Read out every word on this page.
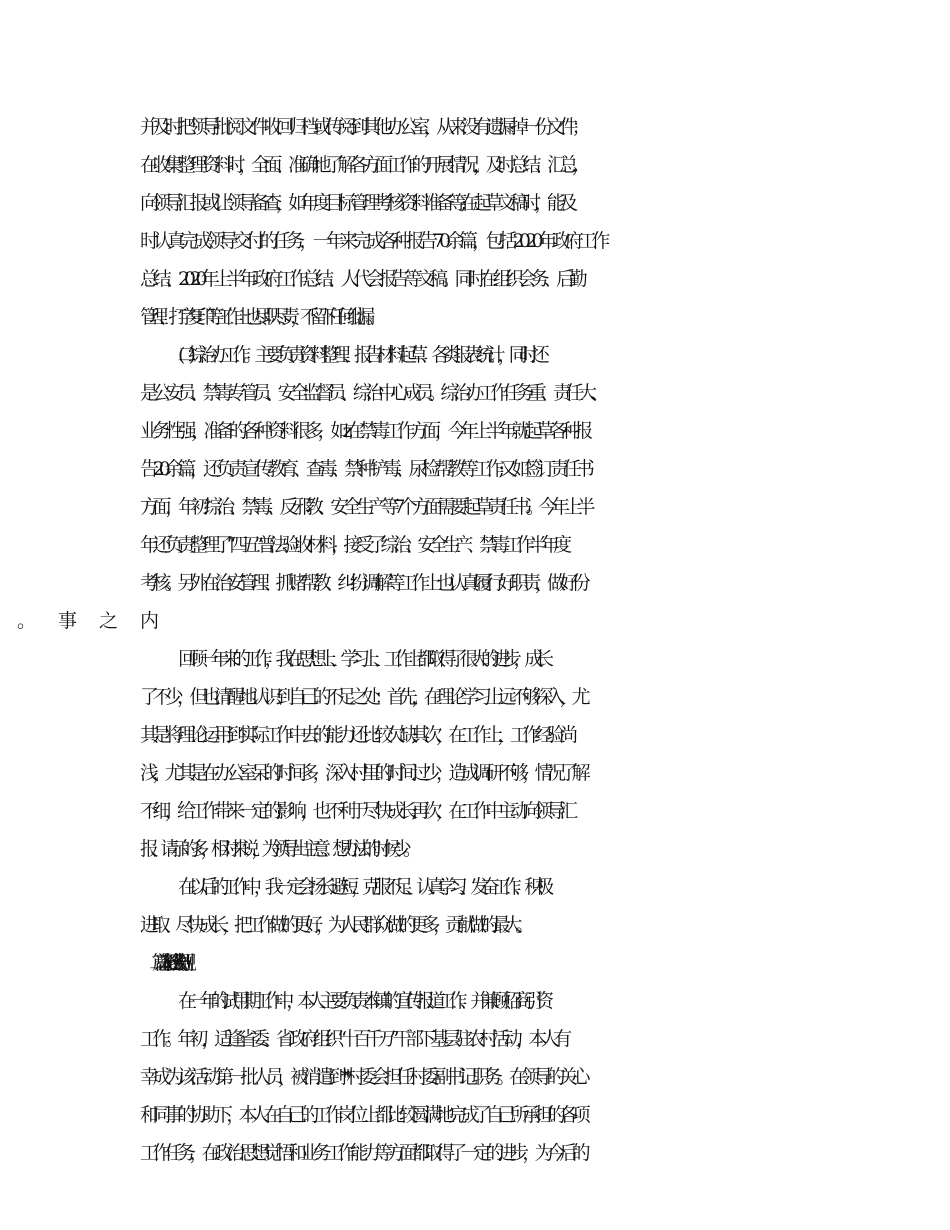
并及时把领导批阅文件收回归档或传阅到其他办公室，从来没有遗漏掉一份文件；
在收集整理资料时，全面、准确地了解各方面工作的开展情况，及时总结、汇总，
向领导汇报或让领导备查，如年度目标管理考核资料准备等;在起草文稿时，能及
时认真完成领导交付的任务，一年来完成各种报告 70 余篇，包括 2020 年政府工作
总结、2020 年上半年政府工作总结、人代会报告等文稿。同时在组织会务、后勤
管理、打字复印等工作上也尽职尽责，不留下任何纰漏。
(二)综治办工作。主要负责资料整理、报告材料起草、各类报表统计，同时还
是公安员、禁毒专管员、安全监督员、综治中心成员。综治办工作任务重、责任大、
业务性强，准备的各种资料很多，如 z 在禁毒工作方面，今年上半年就起草各种报
告 20 余篇，还负责宣传教育、查毒、禁种铲毒、尿检帮教等工作;又如签订责任书
方面，年初综治、禁毒、反邪教、安全生产等 7 个方面需要起草责任书。今年上半
年还负责整理了“四五”普法验收材料，接受了综治、安全生产、禁毒工作半年度
考核。另外在治安管理、抓赌帮教、纠纷调解等工作上也认真履行好职责，做好份
回顾一年来的工作，我在思想上、学习上、工作上都取得了很大的进步，成长
了不少，但也清醒地认识到自己的不足之处：首先，在理论学习上远不够深入，尤
其是将理论运用到实际工作中去的能力还比较欠缺;其次，在工作上，工作经验尚
浅，尤其是在办公室呆的时间多，深入村里的时间过少，造成调研不够，情况了解
不细，给工作带来一定的影响，也不利于尽快成长;再次，在工作中主动向领导汇
报、请示的多，相对来说，为领导出主意、想办法的时候少。
在以后的工作中，我一定会扬长避短，克服不足、认真学习、发奋工作、积极
进取、尽快成长，把工作做的更好，为人民群众做的更多，贡献做的最大。
在一年的试用期工作中，本人主要负责本镇的宣传报道工作、并兼顾招商引资
工作。年初，适逢省委、省政府组织“十百千万”干部下基层驻农村活动，本人有
幸成为该活动第一批人员，被消遣到**村委会担任村委副书记职务。在领导的关心
和同事的协助下，本人在自己的工作岗位上都比较圆满地完成了自己所承担的各项
工作任务，在政治思想觉悟和业务工作能力等方面都取得了一定的进步，为今后的
